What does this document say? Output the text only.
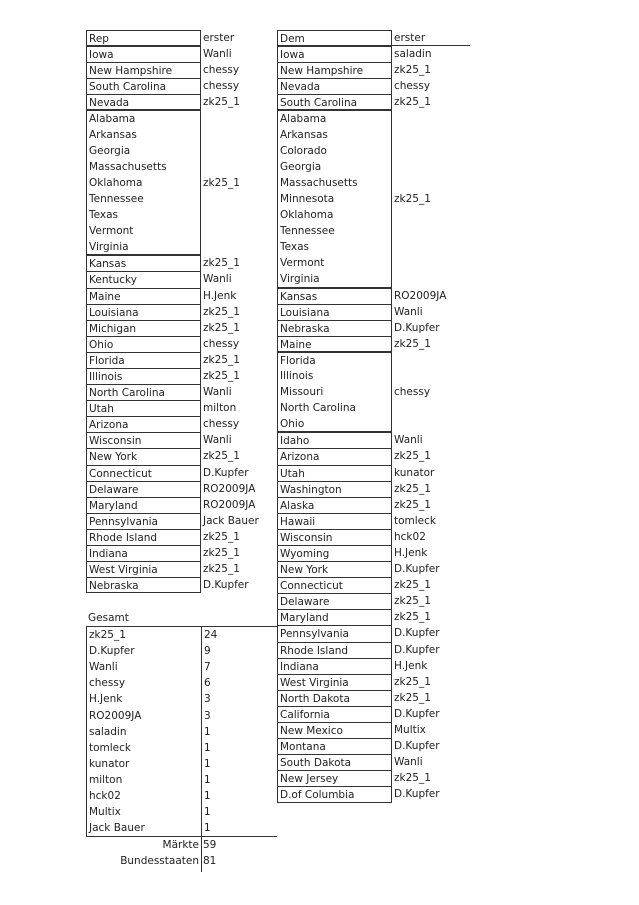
Rep	erster
Iowa	Wanli
New Hampshire	chessy
South Carolina	chessy
Nevada	zk25_1
Alabama
Arkansas
Georgia
Massachusetts
Oklahoma	zk25_1
Tennessee
Texas
Vermont
Virginia
Kansas	zk25_1
Kentucky	Wanli
Maine	H.Jenk
Louisiana	zk25_1
Michigan	zk25_1
Ohio	chessy
Florida	zk25_1
Illinois	zk25_1
North Carolina	Wanli
Utah	milton
Arizona	chessy
Wisconsin	Wanli
New York	zk25_1
Connecticut	D.Kupfer
Delaware	RO2009JA
Maryland	RO2009JA
Pennsylvania	Jack Bauer
Rhode Island	zk25_1
Indiana	zk25_1
West Virginia	zk25_1
Nebraska	D.Kupfer
Dem	erster
Iowa	saladin
New Hampshire	zk25_1
Nevada	chessy
South Carolina	zk25_1
Alabama
Arkansas
Colorado
Georgia
Massachusetts
Minnesota	zk25_1
Oklahoma
Tennessee
Texas
Vermont
Virginia
Kansas	RO2009JA
Louisiana	Wanli
Nebraska	D.Kupfer
Maine	zk25_1
Florida
Illinois
Missouri	chessy
North Carolina
Ohio
Idaho	Wanli
Arizona	zk25_1
Utah	kunator
Washington	zk25_1
Alaska	zk25_1
Hawaii	tomleck
Wisconsin	hck02
Wyoming	H.Jenk
New York	D.Kupfer
Connecticut	zk25_1
Delaware	zk25_1
Maryland	zk25_1
Pennsylvania	D.Kupfer
Rhode Island	D.Kupfer
Indiana	H.Jenk
West Virginia	zk25_1
North Dakota	zk25_1
California	D.Kupfer
New Mexico	Multix
Montana	D.Kupfer
South Dakota	Wanli
New Jersey	zk25_1
D.of Columbia	D.Kupfer
Gesamt
zk25_1	24
D.Kupfer	9
Wanli	7
chessy	6
H.Jenk	3
RO2009JA	3
saladin	1
tomleck	1
kunator	1
milton	1
hck02	1
Multix	1
Jack Bauer	1
Märkte 59
Bundesstaaten 81
